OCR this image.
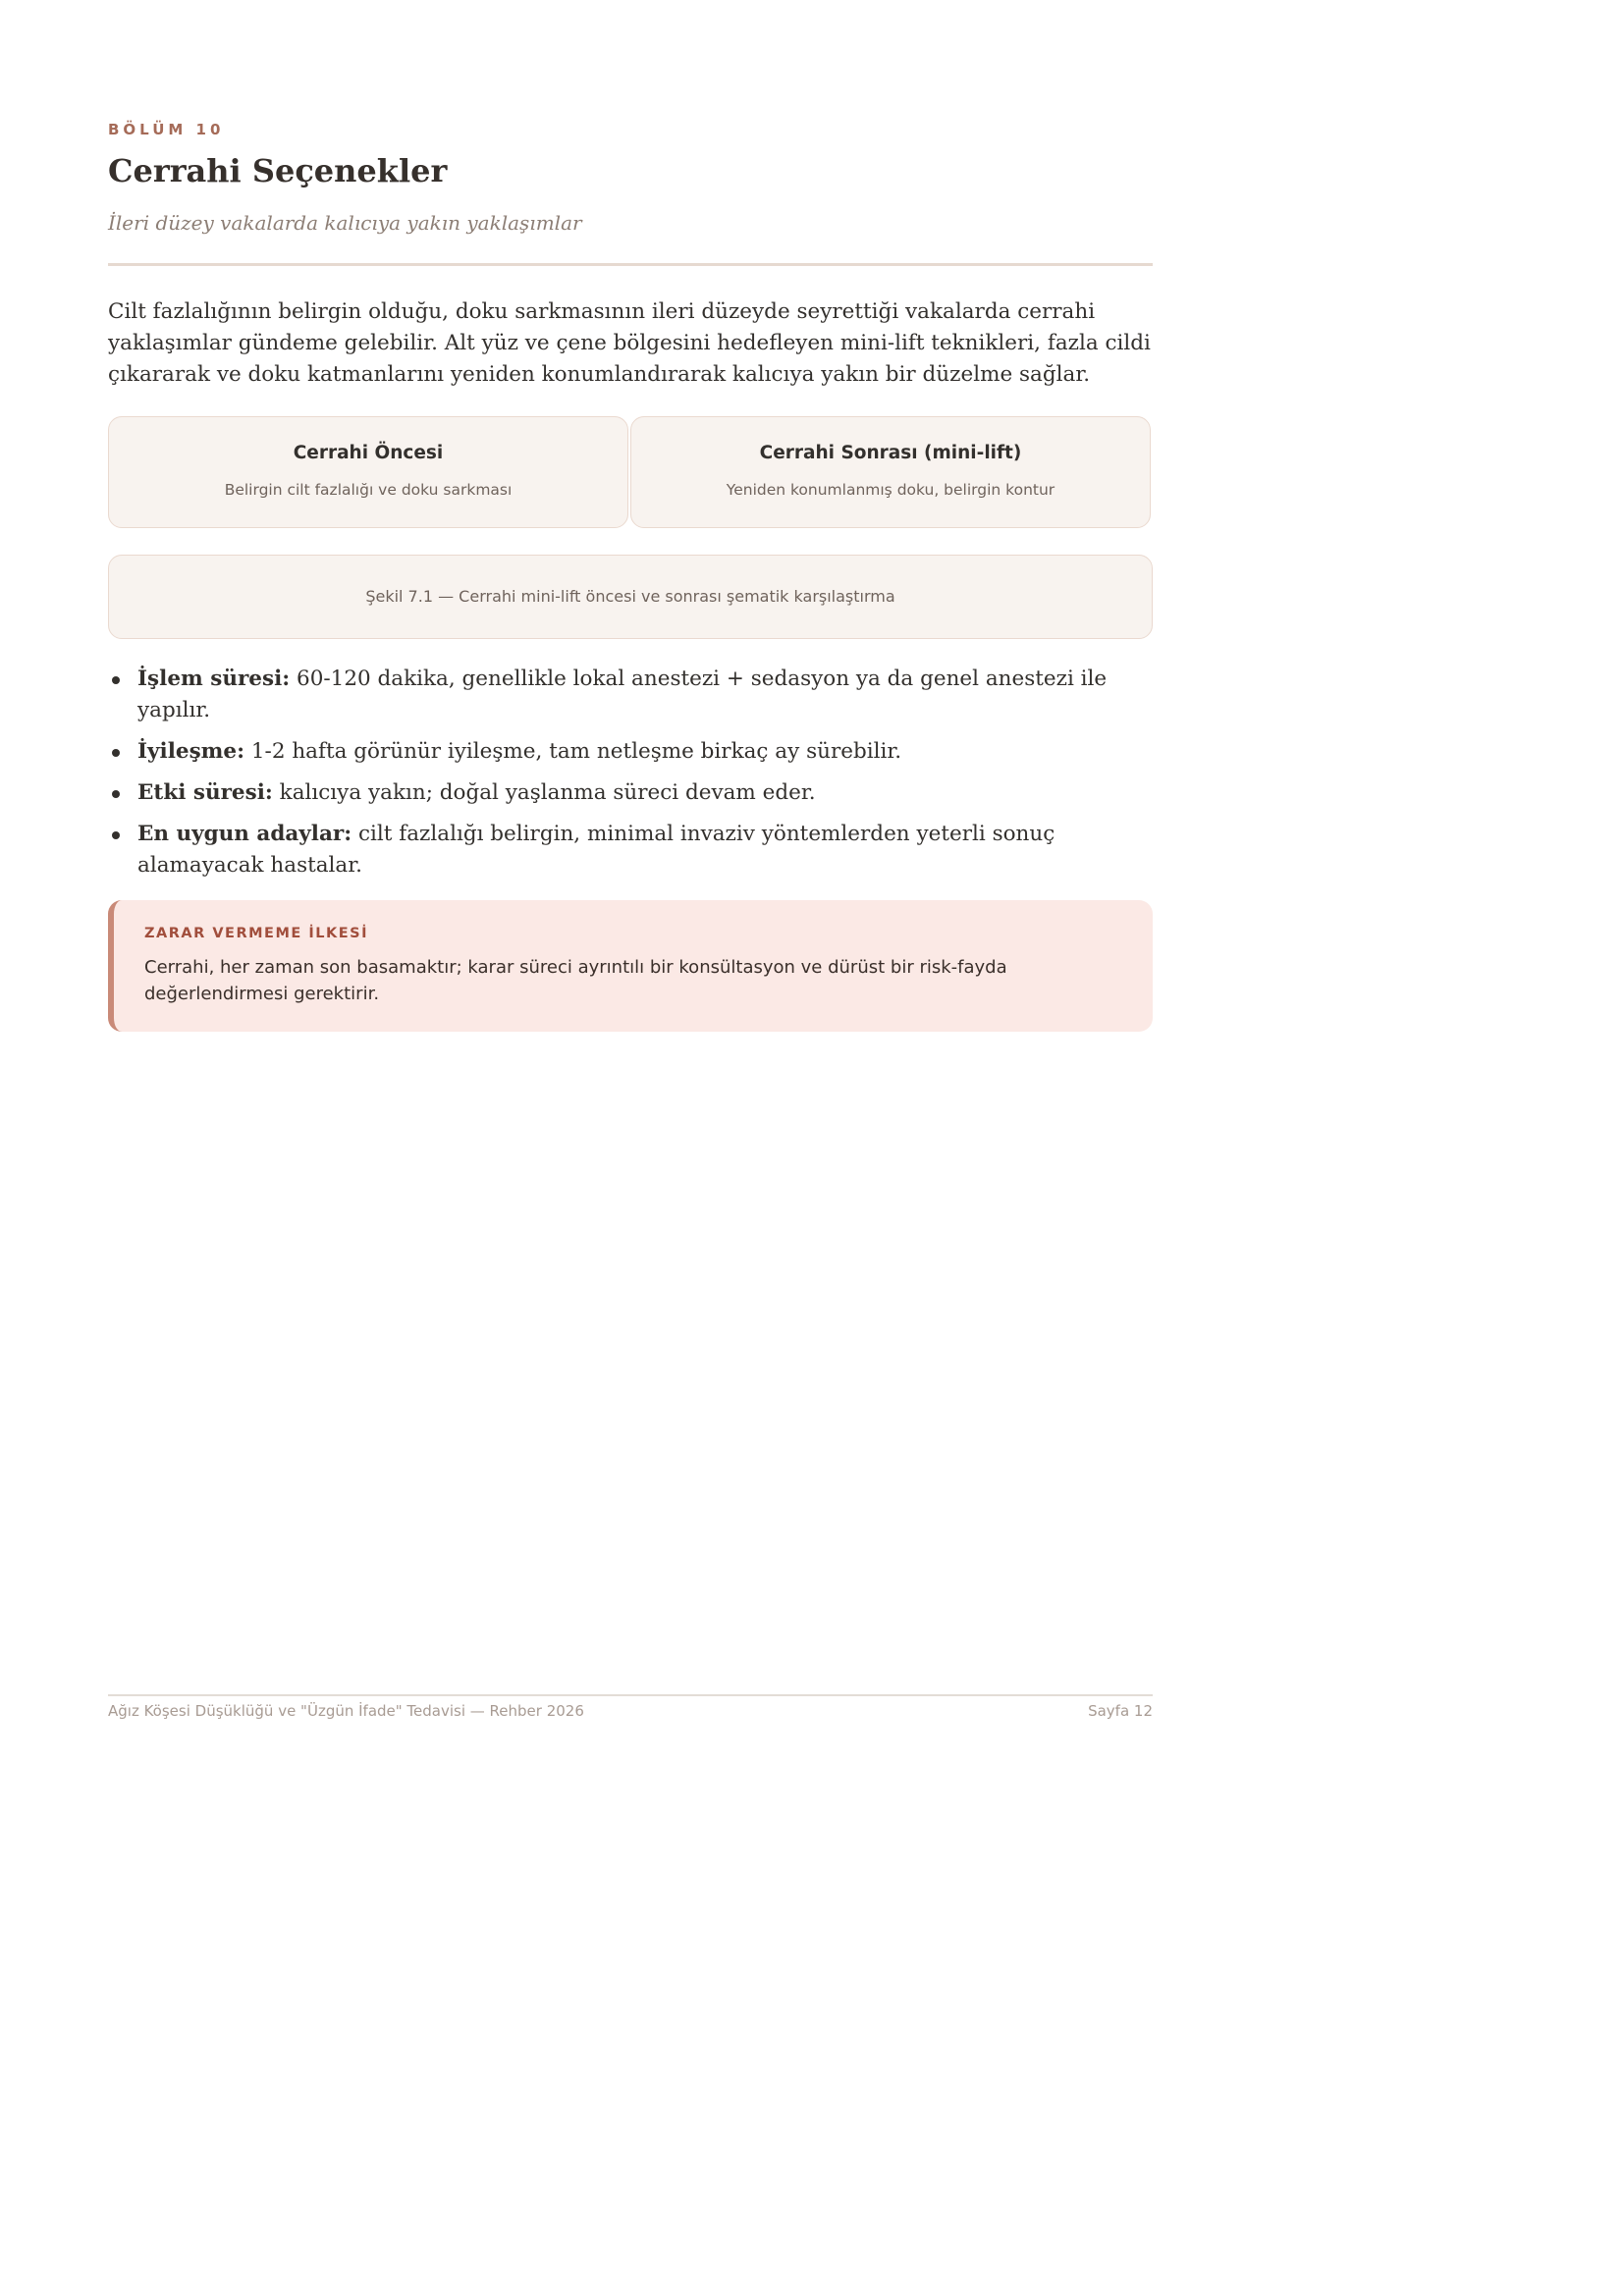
BÖLÜM 10
Cerrahi Seçenekler
İleri düzey vakalarda kalıcıya yakın yaklaşımlar

Cilt fazlalığının belirgin olduğu, doku sarkmasının ileri düzeyde seyrettiği vakalarda cerrahi yaklaşımlar gündeme gelebilir. Alt yüz ve çene bölgesini hedefleyen mini-lift teknikleri, fazla cildi çıkararak ve doku katmanlarını yeniden konumlandırarak kalıcıya yakın bir düzelme sağlar.

Cerrahi Öncesi
Belirgin cilt fazlalığı ve doku sarkması
Cerrahi Sonrası (mini-lift)
Yeniden konumlanmış doku, belirgin kontur
Şekil 7.1 — Cerrahi mini-lift öncesi ve sonrası şematik karşılaştırma
İşlem süresi: 60-120 dakika, genellikle lokal anestezi + sedasyon ya da genel anestezi ile yapılır.
İyileşme: 1-2 hafta görünür iyileşme, tam netleşme birkaç ay sürebilir.
Etki süresi: kalıcıya yakın; doğal yaşlanma süreci devam eder.
En uygun adaylar: cilt fazlalığı belirgin, minimal invaziv yöntemlerden yeterli sonuç alamayacak hastalar.
ZARAR VERMEME İLKESİ

Cerrahi, her zaman son basamaktır; karar süreci ayrıntılı bir konsültasyon ve dürüst bir risk-fayda değerlendirmesi gerektirir.

Ağız Köşesi Düşüklüğü ve "Üzgün İfade" Tedavisi — Rehber 2026	Sayfa 12
